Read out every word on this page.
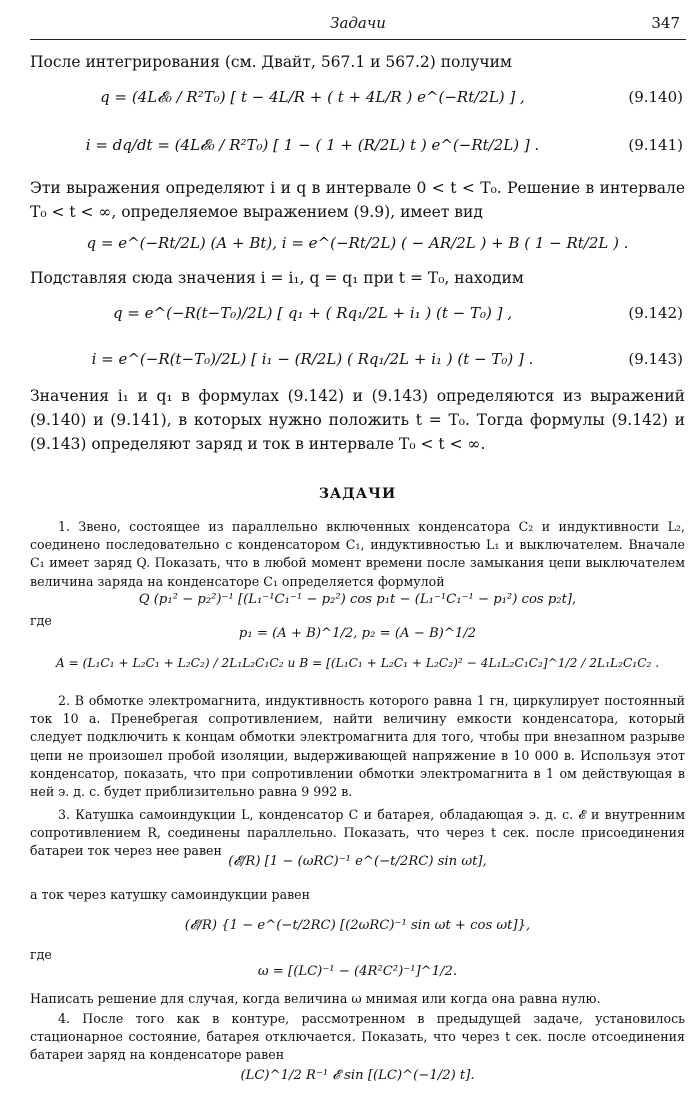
Задачи	347

После интегрирования (см. Двайт, 567.1 и 567.2) получим

q = (4L𝓔₀ / R²T₀) [ t − 4L/R + ( t + 4L/R ) e^(−Rt/2L) ] ,	(9.140)
i = dq/dt = (4L𝓔₀ / R²T₀) [ 1 − ( 1 + (R/2L) t ) e^(−Rt/2L) ] .	(9.141)

Эти выражения определяют i и q в интервале 0 < t < T₀. Решение в интервале T₀ < t < ∞, определяемое выражением (9.9), имеет вид

q = e^(−Rt/2L) (A + Bt), i = e^(−Rt/2L) ( − AR/2L ) + B ( 1 − Rt/2L ) .

Подставляя сюда значения i = i₁, q = q₁ при t = T₀, находим

q = e^(−R(t−T₀)/2L) [ q₁ + ( Rq₁/2L + i₁ ) (t − T₀) ] ,	(9.142)
i = e^(−R(t−T₀)/2L) [ i₁ − (R/2L) ( Rq₁/2L + i₁ ) (t − T₀) ] .	(9.143)

Значения i₁ и q₁ в формулах (9.142) и (9.143) определяются из выражений (9.140) и (9.141), в которых нужно положить t = T₀. Тогда формулы (9.142) и (9.143) определяют заряд и ток в интервале T₀ < t < ∞.

ЗАДАЧИ

1. Звено, состоящее из параллельно включенных конденсатора C₂ и индуктивности L₂, соединено последовательно с конденсатором C₁, индуктивностью L₁ и выключателем. Вначале C₁ имеет заряд Q. Показать, что в любой момент времени после замыкания цепи выключателем величина заряда на конденсаторе C₁ определяется формулой

Q (p₁² − p₂²)⁻¹ [(L₁⁻¹C₁⁻¹ − p₂²) cos p₁t − (L₁⁻¹C₁⁻¹ − p₁²) cos p₂t],

где

p₁ = (A + B)^1/2, p₂ = (A − B)^1/2
A = (L₁C₁ + L₂C₁ + L₂C₂) / 2L₁L₂C₁C₂ и B = [(L₁C₁ + L₂C₁ + L₂C₂)² − 4L₁L₂C₁C₂]^1/2 / 2L₁L₂C₁C₂ .

2. В обмотке электромагнита, индуктивность которого равна 1 гн, циркулирует постоянный ток 10 а. Пренебрегая сопротивлением, найти величину емкости конденсатора, который следует подключить к концам обмотки электромагнита для того, чтобы при внезапном разрыве цепи не произошел пробой изоляции, выдерживающей напряжение в 10 000 в. Используя этот конденсатор, показать, что при сопротивлении обмотки электромагнита в 1 ом действующая в ней э. д. с. будет приблизительно равна 9 992 в.

3. Катушка самоиндукции L, конденсатор C и батарея, обладающая э. д. с. 𝓔 и внутренним сопротивлением R, соединены параллельно. Показать, что через t сек. после присоединения батареи ток через нее равен

(𝓔/R) [1 − (ωRC)⁻¹ e^(−t/2RC) sin ωt],

а ток через катушку самоиндукции равен

(𝓔/R) {1 − e^(−t/2RC) [(2ωRC)⁻¹ sin ωt + cos ωt]},

где

ω = [(LC)⁻¹ − (4R²C²)⁻¹]^1/2.

Написать решение для случая, когда величина ω мнимая или когда она равна нулю.

4. После того как в контуре, рассмотренном в предыдущей задаче, установилось стационарное состояние, батарея отключается. Показать, что через t сек. после отсоединения батареи заряд на конденсаторе равен

(LC)^1/2 R⁻¹ 𝓔 sin [(LC)^(−1/2) t].
